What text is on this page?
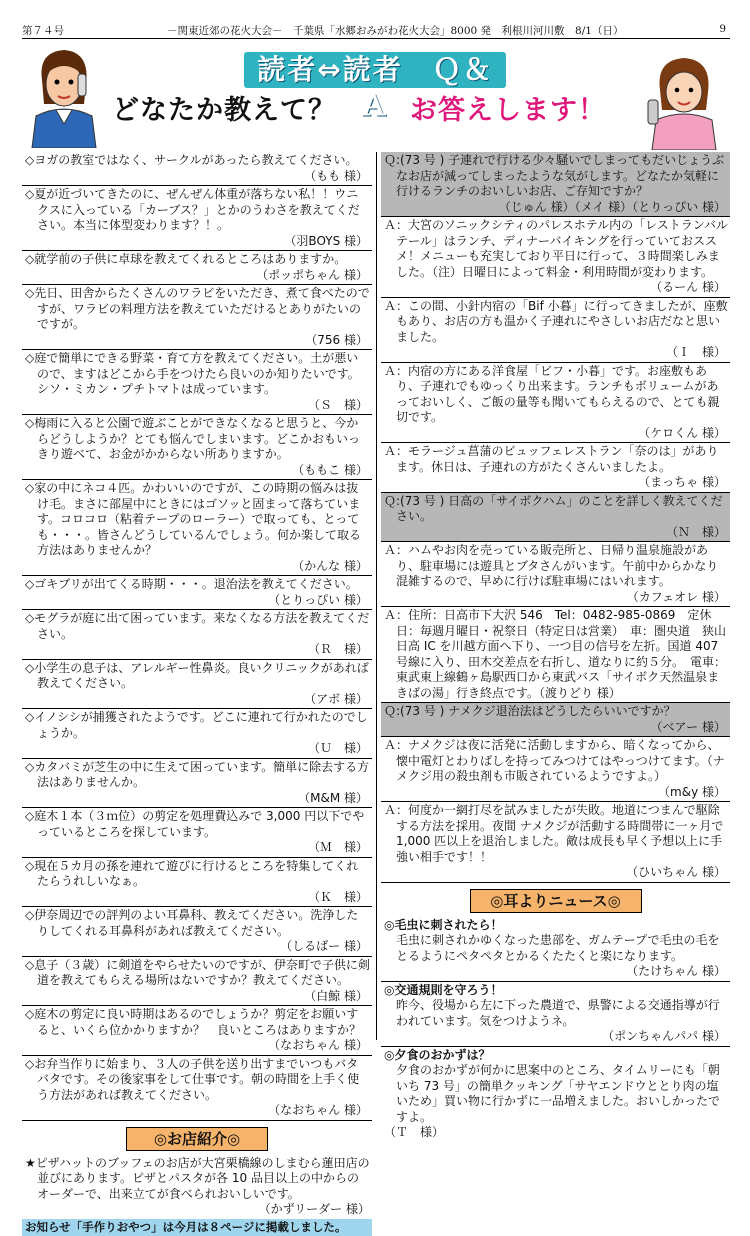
第７４号	－関東近郊の花火大会－　千葉県「水郷おみがわ花火大会」8000 発　利根川河川敷　8/1（日）	9
読者⇔読者　Ｑ＆Ａ
どなたか教えて？	お答えします！
◇ヨガの教室ではなく、サークルがあったら教えてください。
（もも 様）
◇夏が近づいてきたのに、ぜんぜん体重が落ちない私！！ウニクスに入っている「カーブス？」とかのうわさを教えてください。本当に体型変わります？！。
（羽BOYS 様）
◇就学前の子供に卓球を教えてくれるところはありますか。
（ポッポちゃん 様）
◇先日、田舎からたくさんのワラビをいただき、煮て食べたのですが、ワラビの料理方法を教えていただけるとありがたいのですが。
（756 様）
◇庭で簡単にできる野菜・育て方を教えてください。土が悪いので、ますはどこから手をつけたら良いのか知りたいです。シソ・ミカン・プチトマトは成っています。
（Ｓ　様）
◇梅雨に入ると公園で遊ぶことができなくなると思うと、今からどうしようか？とても悩んでしまいます。どこかおもいっきり遊べて、お金がかからない所ありますか。
（ももこ 様）
◇家の中にネコ４匹。かわいいのですが、この時期の悩みは抜け毛。まさに部屋中にときにはゴソッと固まって落ちています。コロコロ（粘着テープのローラー）で取っても、とっても・・・。皆さんどうしているんでしょう。何か楽して取る方法はありませんか？
（かんな 様）
◇ゴキブリが出てくる時期・・・。退治法を教えてください。
（とりっぴい 様）
◇モグラが庭に出て困っています。来なくなる方法を教えてください。
（Ｒ　様）
◇小学生の息子は、アレルギー性鼻炎。良いクリニックがあれば教えてください。
（アボ 様）
◇イノシシが捕獲されたようです。どこに連れて行かれたのでしょうか。
（Ｕ　様）
◇カタバミが芝生の中に生えて困っています。簡単に除去する方法はありませんか。
（M&M 様）
◇庭木１本（３ｍ位）の剪定を処理費込みで 3,000 円以下でやっているところを探しています。
（Ｍ　様）
◇現在５カ月の孫を連れて遊びに行けるところを特集してくれたらうれしいなぁ。
（Ｋ　様）
◇伊奈周辺での評判のよい耳鼻科、教えてください。洗浄したりしてくれる耳鼻科があれば教えてください。
（しるばー 様）
◇息子（３歳）に剣道をやらせたいのですが、伊奈町で子供に剣道を教えてもらえる場所はないですか？教えてください。
（白鯨 様）
◇庭木の剪定に良い時期はあるのでしょうか？剪定をお願いすると、いくら位かかりますか？　良いところはありますか？
（なおちゃん 様）
◇お弁当作りに始まり、３人の子供を送り出すまでいつもバタバタです。その後家事をして仕事です。朝の時間を上手く使う方法があれば教えてください。
（なおちゃん 様）
◎お店紹介◎
★ピザハットのブッフェのお店が大宮栗橋線のしまむら蓮田店の並びにあります。ピザとパスタが各 10 品目以上の中からのオーダーで、出来立てが食べられおいしいです。
（かずリーダー 様）
お知らせ「手作りおやつ」は今月は８ページに掲載しました。
Ｑ:(73 号 ) 子連れで行ける少々騒いでしまってもだいじょうぶなお店が減ってしまったような気がします。どなたか気軽に行けるランチのおいしいお店、ご存知ですか？
（じゅん 様）（メイ 様）（とりっぴい 様）
Ａ：大宮のソニックシティのパレスホテル内の「レストランバルテール」はランチ、ディナーバイキングを行っていておススメ！メニューも充実しており平日に行って、３時間楽しみました。（注）日曜日によって料金・利用時間が変わります。
（るーん 様）
Ａ：この間、小針内宿の「Bif 小暮」に行ってきましたが、座敷もあり、お店の方も温かく子連れにやさしいお店だなと思いました。
（Ｉ　様）
Ａ：内宿の方にある洋食屋「ビフ・小暮」です。お座敷もあり、子連れでもゆっくり出来ます。ランチもボリュームがあっておいしく、ご飯の量等も聞いてもらえるので、とても親切です。
（ケロくん 様）
Ａ：モラージュ菖蒲のビュッフェレストラン「奈のは」があります。休日は、子連れの方がたくさんいましたよ。
（まっちゃ 様）
Ｑ:(73 号 ) 日高の「サイボクハム」のことを詳しく教えてください。
（Ｎ　様）
Ａ：ハムやお肉を売っている販売所と、日帰り温泉施設があり、駐車場には遊具とブタさんがいます。午前中からかなり混雑するので、早めに行けば駐車場にはいれます。
（カフェオレ 様）
Ａ：住所：日高市下大沢 546　Tel：0482-985-0869　定休日：毎週月曜日・祝祭日（特定日は営業）　車：圏央道　狭山日高 IC を川越方面へ下り、一つ目の信号を左折。国道 407 号線に入り、田木交差点を右折し、道なりに約５分。　電車：東武東上線鶴ヶ島駅西口から東武バス「サイボク天然温泉まきばの湯」行き終点です。（渡りどり 様）
Ｑ:(73 号 ) ナメクジ退治法はどうしたらいいですか？
（ベアー 様）
Ａ：ナメクジは夜に活発に活動しますから、暗くなってから、懐中電灯とわりばしを持ってみつけてはやっつけてます。（ナメクジ用の殺虫剤も市販されているようですよ。）
（m&y 様）
Ａ：何度か一網打尽を試みましたが失敗。地道につまんで駆除する方法を採用。夜間 ナメクジが活動する時間帯に一ヶ月で 1,000 匹以上を退治しました。敵は成長も早く予想以上に手強い相手です！！
（ひいちゃん 様）
◎耳よりニュース◎
◎毛虫に刺されたら！
毛虫に刺されかゆくなった患部を、ガムテープで毛虫の毛をとるようにペタペタとかるくたたくと楽になります。
（たけちゃん 様）
◎交通規則を守ろう！
昨今、役場から左に下った農道で、県警による交通指導が行われています。気をつけようネ。
（ポンちゃんパパ 様）
◎夕食のおかずは？
夕食のおかずが何かに思案中のところ、タイムリーにも「朝いち 73 号」の簡単クッキング「サヤエンドウととり肉の塩いため」買い物に行かずに一品増えました。おいしかったですよ。
（Ｔ　様）
